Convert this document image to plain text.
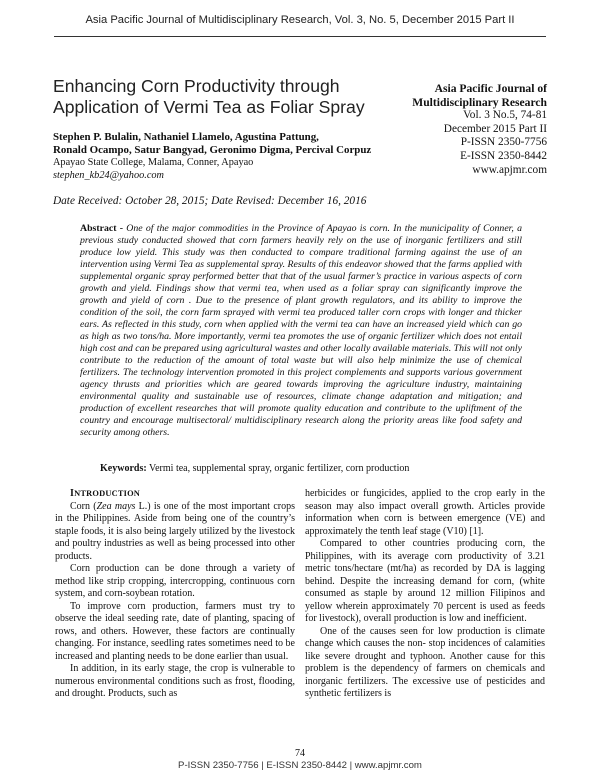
Asia Pacific Journal of Multidisciplinary Research, Vol. 3, No. 5, December 2015 Part II
Enhancing Corn Productivity through
Application of Vermi Tea as Foliar Spray
Asia Pacific Journal of
Multidisciplinary Research
Vol. 3 No.5, 74-81
December 2015 Part II
P-ISSN 2350-7756
E-ISSN 2350-8442
www.apjmr.com
Stephen P. Bulalin, Nathaniel Llamelo, Agustina Pattung,
Ronald Ocampo, Satur Bangyad, Geronimo Digma, Percival Corpuz
Apayao State College, Malama, Conner, Apayao
stephen_kb24@yahoo.com
Date Received: October 28, 2015; Date Revised: December 16, 2016
Abstract - One of the major commodities in the Province of Apayao is corn. In the municipality of Conner, a previous study conducted showed that corn farmers heavily rely on the use of inorganic fertilizers and still produce low yield. This study was then conducted to compare traditional farming against the use of an intervention using Vermi Tea as supplemental spray. Results of this endeavor showed that the farms applied with supplemental organic spray performed better that that of the usual farmer’s practice in various aspects of corn growth and yield. Findings show that vermi tea, when used as a foliar spray can significantly improve the growth and yield of corn . Due to the presence of plant growth regulators, and its ability to improve the condition of the soil, the corn farm sprayed with vermi tea produced taller corn crops with longer and thicker ears. As reflected in this study, corn when applied with the vermi tea can have an increased yield which can go as high as two tons/ha. More importantly, vermi tea promotes the use of organic fertilizer which does not entail high cost and can be prepared using agricultural wastes and other locally available materials. This will not only contribute to the reduction of the amount of total waste but will also help minimize the use of chemical fertilizers. The technology intervention promoted in this project complements and supports various government agency thrusts and priorities which are geared towards improving the agriculture industry, maintaining environmental quality and sustainable use of resources, climate change adaptation and mitigation; and production of excellent researches that will promote quality education and contribute to the upliftment of the country and encourage multisectoral/ multidisciplinary research along the priority areas like food safety and security among others.
Keywords: Vermi tea, supplemental spray, organic fertilizer, corn production

INTRODUCTION

Corn (Zea mays L.) is one of the most important crops in the Philippines. Aside from being one of the country’s staple foods, it is also being largely utilized by the livestock and poultry industries as well as being processed into other products.

Corn production can be done through a variety of method like strip cropping, intercropping, continuous corn system, and corn-soybean rotation.

To improve corn production, farmers must try to observe the ideal seeding rate, date of planting, spacing of rows, and others. However, these factors are continually changing. For instance, seedling rates sometimes need to be increased and planting needs to be done earlier than usual.

In addition, in its early stage, the crop is vulnerable to numerous environmental conditions such as frost, flooding, and drought. Products, such as

herbicides or fungicides, applied to the crop early in the season may also impact overall growth. Articles provide information when corn is between emergence (VE) and approximately the tenth leaf stage (V10) [1].

Compared to other countries producing corn, the Philippines, with its average corn productivity of 3.21 metric tons/hectare (mt/ha) as recorded by DA is lagging behind. Despite the increasing demand for corn, (white consumed as staple by around 12 million Filipinos and yellow wherein approximately 70 percent is used as feeds for livestock), overall production is low and inefficient.

One of the causes seen for low production is climate change which causes the non- stop incidences of calamities like severe drought and typhoon. Another cause for this problem is the dependency of farmers on chemicals and inorganic fertilizers. The excessive use of pesticides and synthetic fertilizers is

74
P-ISSN 2350-7756 | E-ISSN 2350-8442 | www.apjmr.com
